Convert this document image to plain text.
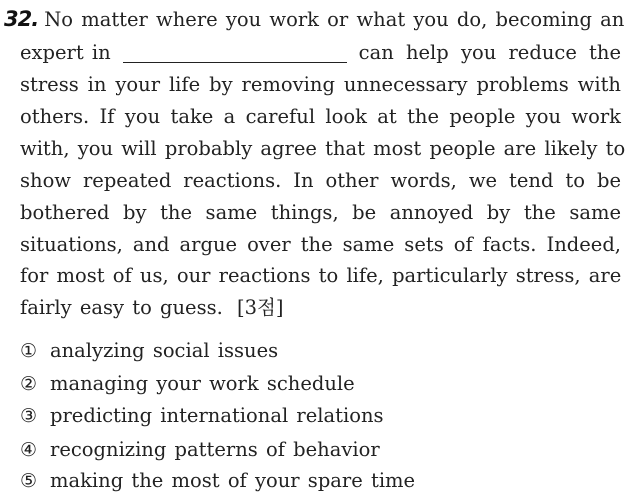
32. No matter where you work or what you do, becoming an
expert in	can help you reduce the
stress in your life by removing unnecessary problems with
others. If you take a careful look at the people you work
with, you will probably agree that most people are likely to
show repeated reactions. In other words, we tend to be
bothered by the same things, be annoyed by the same
situations, and argue over the same sets of facts. Indeed,
for most of us, our reactions to life, particularly stress, are
fairly easy to guess. [3점]
① analyzing social issues
② managing your work schedule
③ predicting international relations
④ recognizing patterns of behavior
⑤ making the most of your spare time
